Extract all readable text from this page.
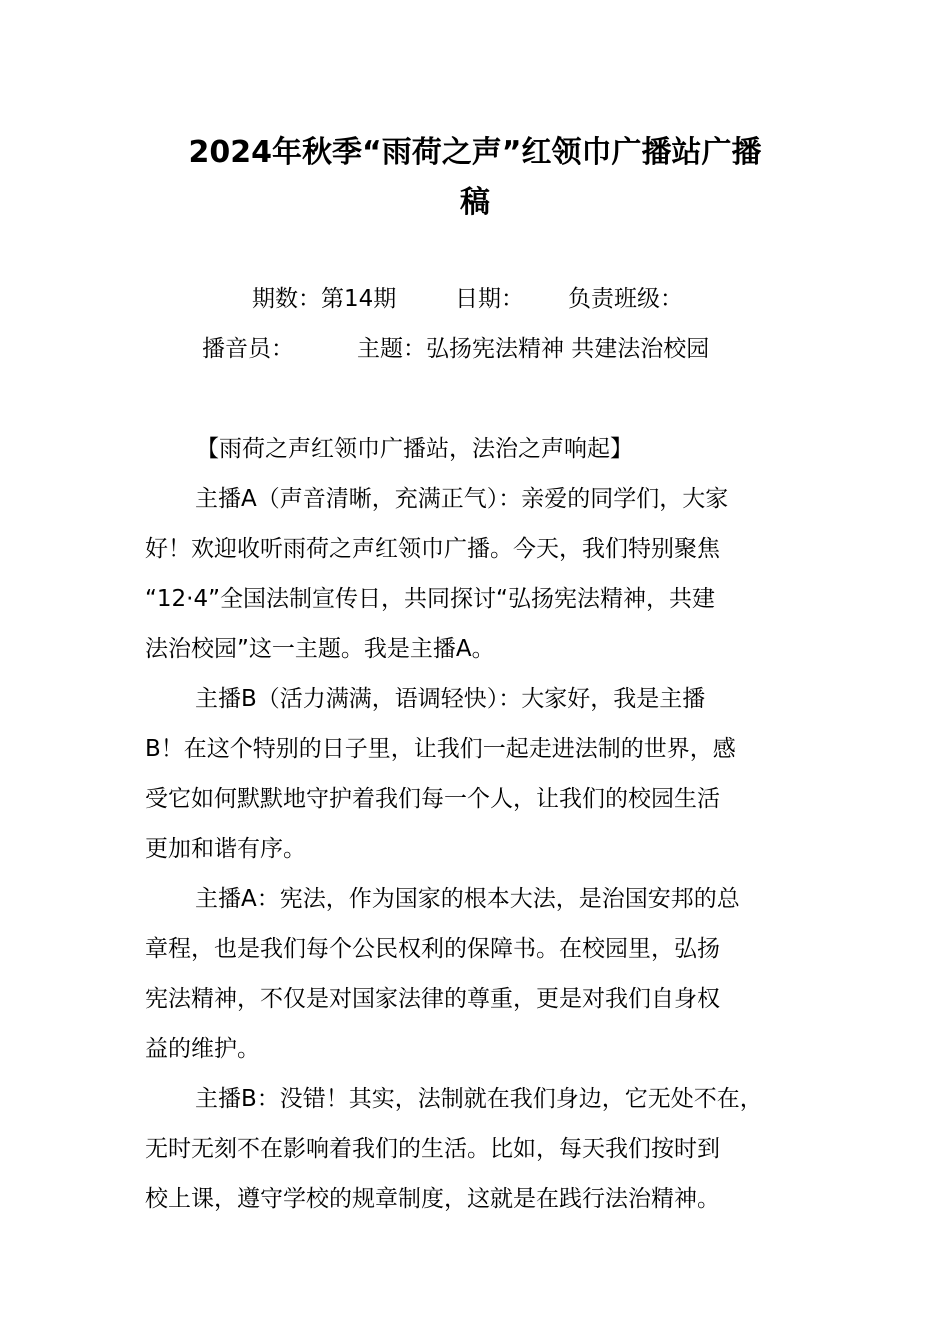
2024年秋季“雨荷之声”红领巾广播站广播
稿
期数：第14期	日期： 负责班级：
播音员：	主题：弘扬宪法精神 共建法治校园
【雨荷之声红领巾广播站，法治之声响起】
主播A（声音清晰，充满正气）：亲爱的同学们，大家
好！欢迎收听雨荷之声红领巾广播。今天，我们特别聚焦
“12·4”全国法制宣传日，共同探讨“弘扬宪法精神，共建
法治校园”这一主题。我是主播A。
主播B（活力满满，语调轻快）：大家好，我是主播
B！在这个特别的日子里，让我们一起走进法制的世界，感
受它如何默默地守护着我们每一个人，让我们的校园生活
更加和谐有序。
主播A：宪法，作为国家的根本大法，是治国安邦的总
章程，也是我们每个公民权利的保障书。在校园里，弘扬
宪法精神，不仅是对国家法律的尊重，更是对我们自身权
益的维护。
主播B：没错！其实，法制就在我们身边，它无处不在，
无时无刻不在影响着我们的生活。比如，每天我们按时到
校上课，遵守学校的规章制度，这就是在践行法治精神。
